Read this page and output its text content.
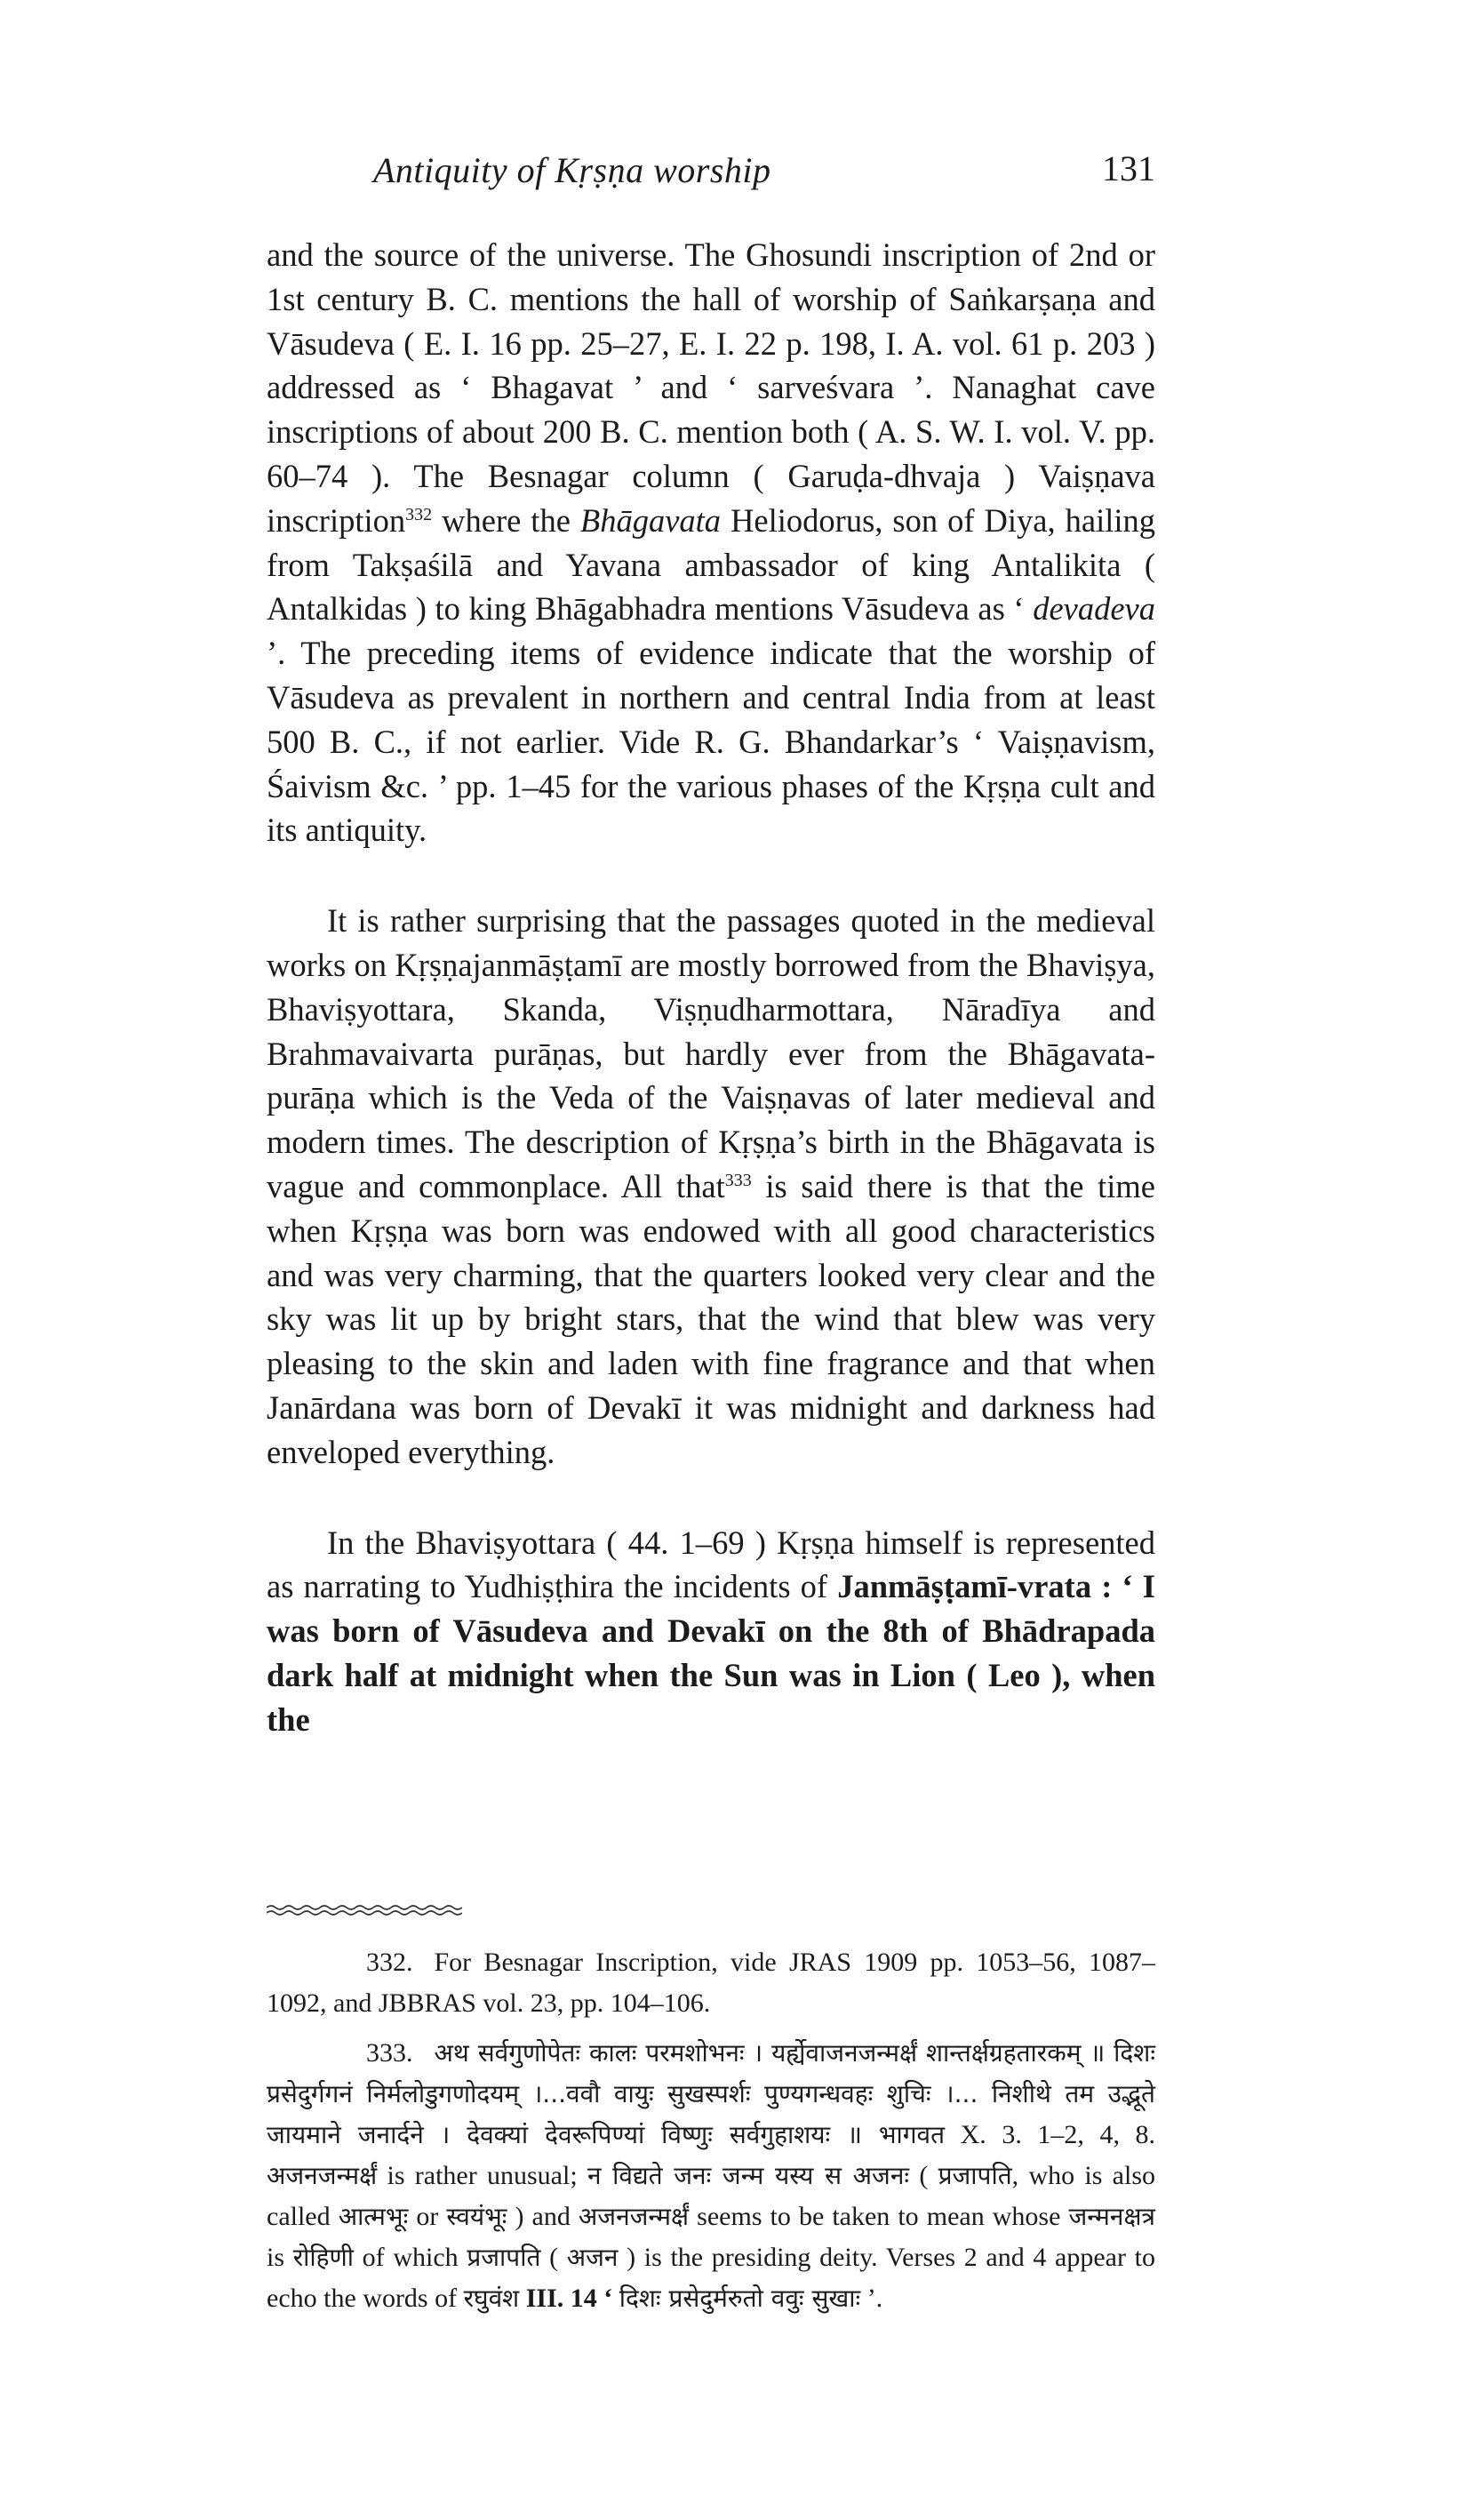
Antiquity of Kṛṣṇa worship	131

and the source of the universe. The Ghosundi inscription of 2nd or 1st century B. C. mentions the hall of worship of Saṅkarṣaṇa and Vāsudeva ( E. I. 16 pp. 25–27, E. I. 22 p. 198, I. A. vol. 61 p. 203 ) addressed as ‘ Bhagavat ’ and ‘ sarveśvara ’. Nanaghat cave inscriptions of about 200 B. C. mention both ( A. S. W. I. vol. V. pp. 60–74 ). The Besnagar column ( Garuḍa-dhvaja ) Vaiṣṇava inscription$^{332}$ where the Bhāgavata Heliodorus, son of Diya, hailing from Takṣaśilā and Yavana ambassador of king Antalikita ( Antalkidas ) to king Bhāgabhadra mentions Vāsudeva as ‘ devadeva ’. The preceding items of evidence indicate that the worship of Vāsudeva as prevalent in northern and central India from at least 500 B. C., if not earlier. Vide R. G. Bhandarkar’s ‘ Vaiṣṇavism, Śaivism &c. ’ pp. 1–45 for the various phases of the Kṛṣṇa cult and its antiquity.

It is rather surprising that the passages quoted in the medieval works on Kṛṣṇajanmāṣṭamī are mostly borrowed from the Bhaviṣya, Bhaviṣyottara, Skanda, Viṣṇudharmottara, Nāradīya and Brahmavaivarta purāṇas, but hardly ever from the Bhāgavata-purāṇa which is the Veda of the Vaiṣṇavas of later medieval and modern times. The description of Kṛṣṇa’s birth in the Bhāgavata is vague and commonplace. All that$^{333}$ is said there is that the time when Kṛṣṇa was born was endowed with all good characteristics and was very charming, that the quarters looked very clear and the sky was lit up by bright stars, that the wind that blew was very pleasing to the skin and laden with fine fragrance and that when Janārdana was born of Devakī it was midnight and darkness had enveloped everything.

In the Bhaviṣyottara ( 44. 1–69 ) Kṛṣṇa himself is represented as narrating to Yudhiṣṭhira the incidents of Janmāṣṭamī-vrata : ‘ I was born of Vāsudeva and Devakī on the 8th of Bhādrapada dark half at midnight when the Sun was in Lion ( Leo ), when the

332. For Besnagar Inscription, vide JRAS 1909 pp. 1053–56, 1087–1092, and JBBRAS vol. 23, pp. 104–106.

333. अथ सर्वगुणोपेतः कालः परमशोभनः । यर्ह्येवाजनजन्मर्क्षं शान्तर्क्षग्रहतारकम् ॥ दिशः प्रसेदुर्गगनं निर्मलोडुगणोदयम् ।...ववौ वायुः सुखस्पर्शः पुण्यगन्धवहः शुचिः ।... निशीथे तम उद्भूते जायमाने जनार्दने । देवक्यां देवरूपिण्यां विष्णुः सर्वगुहाशयः ॥ भागवत X. 3. 1–2, 4, 8. अजनजन्मर्क्षं is rather unusual; न विद्यते जनः जन्म यस्य स अजनः ( प्रजापति, who is also called आत्मभूः or स्वयंभूः ) and अजनजन्मर्क्षं seems to be taken to mean whose जन्मनक्षत्र is रोहिणी of which प्रजापति ( अजन ) is the presiding deity. Verses 2 and 4 appear to echo the words of रघुवंश III. 14 ‘ दिशः प्रसेदुर्मरुतो ववुः सुखाः ’.
